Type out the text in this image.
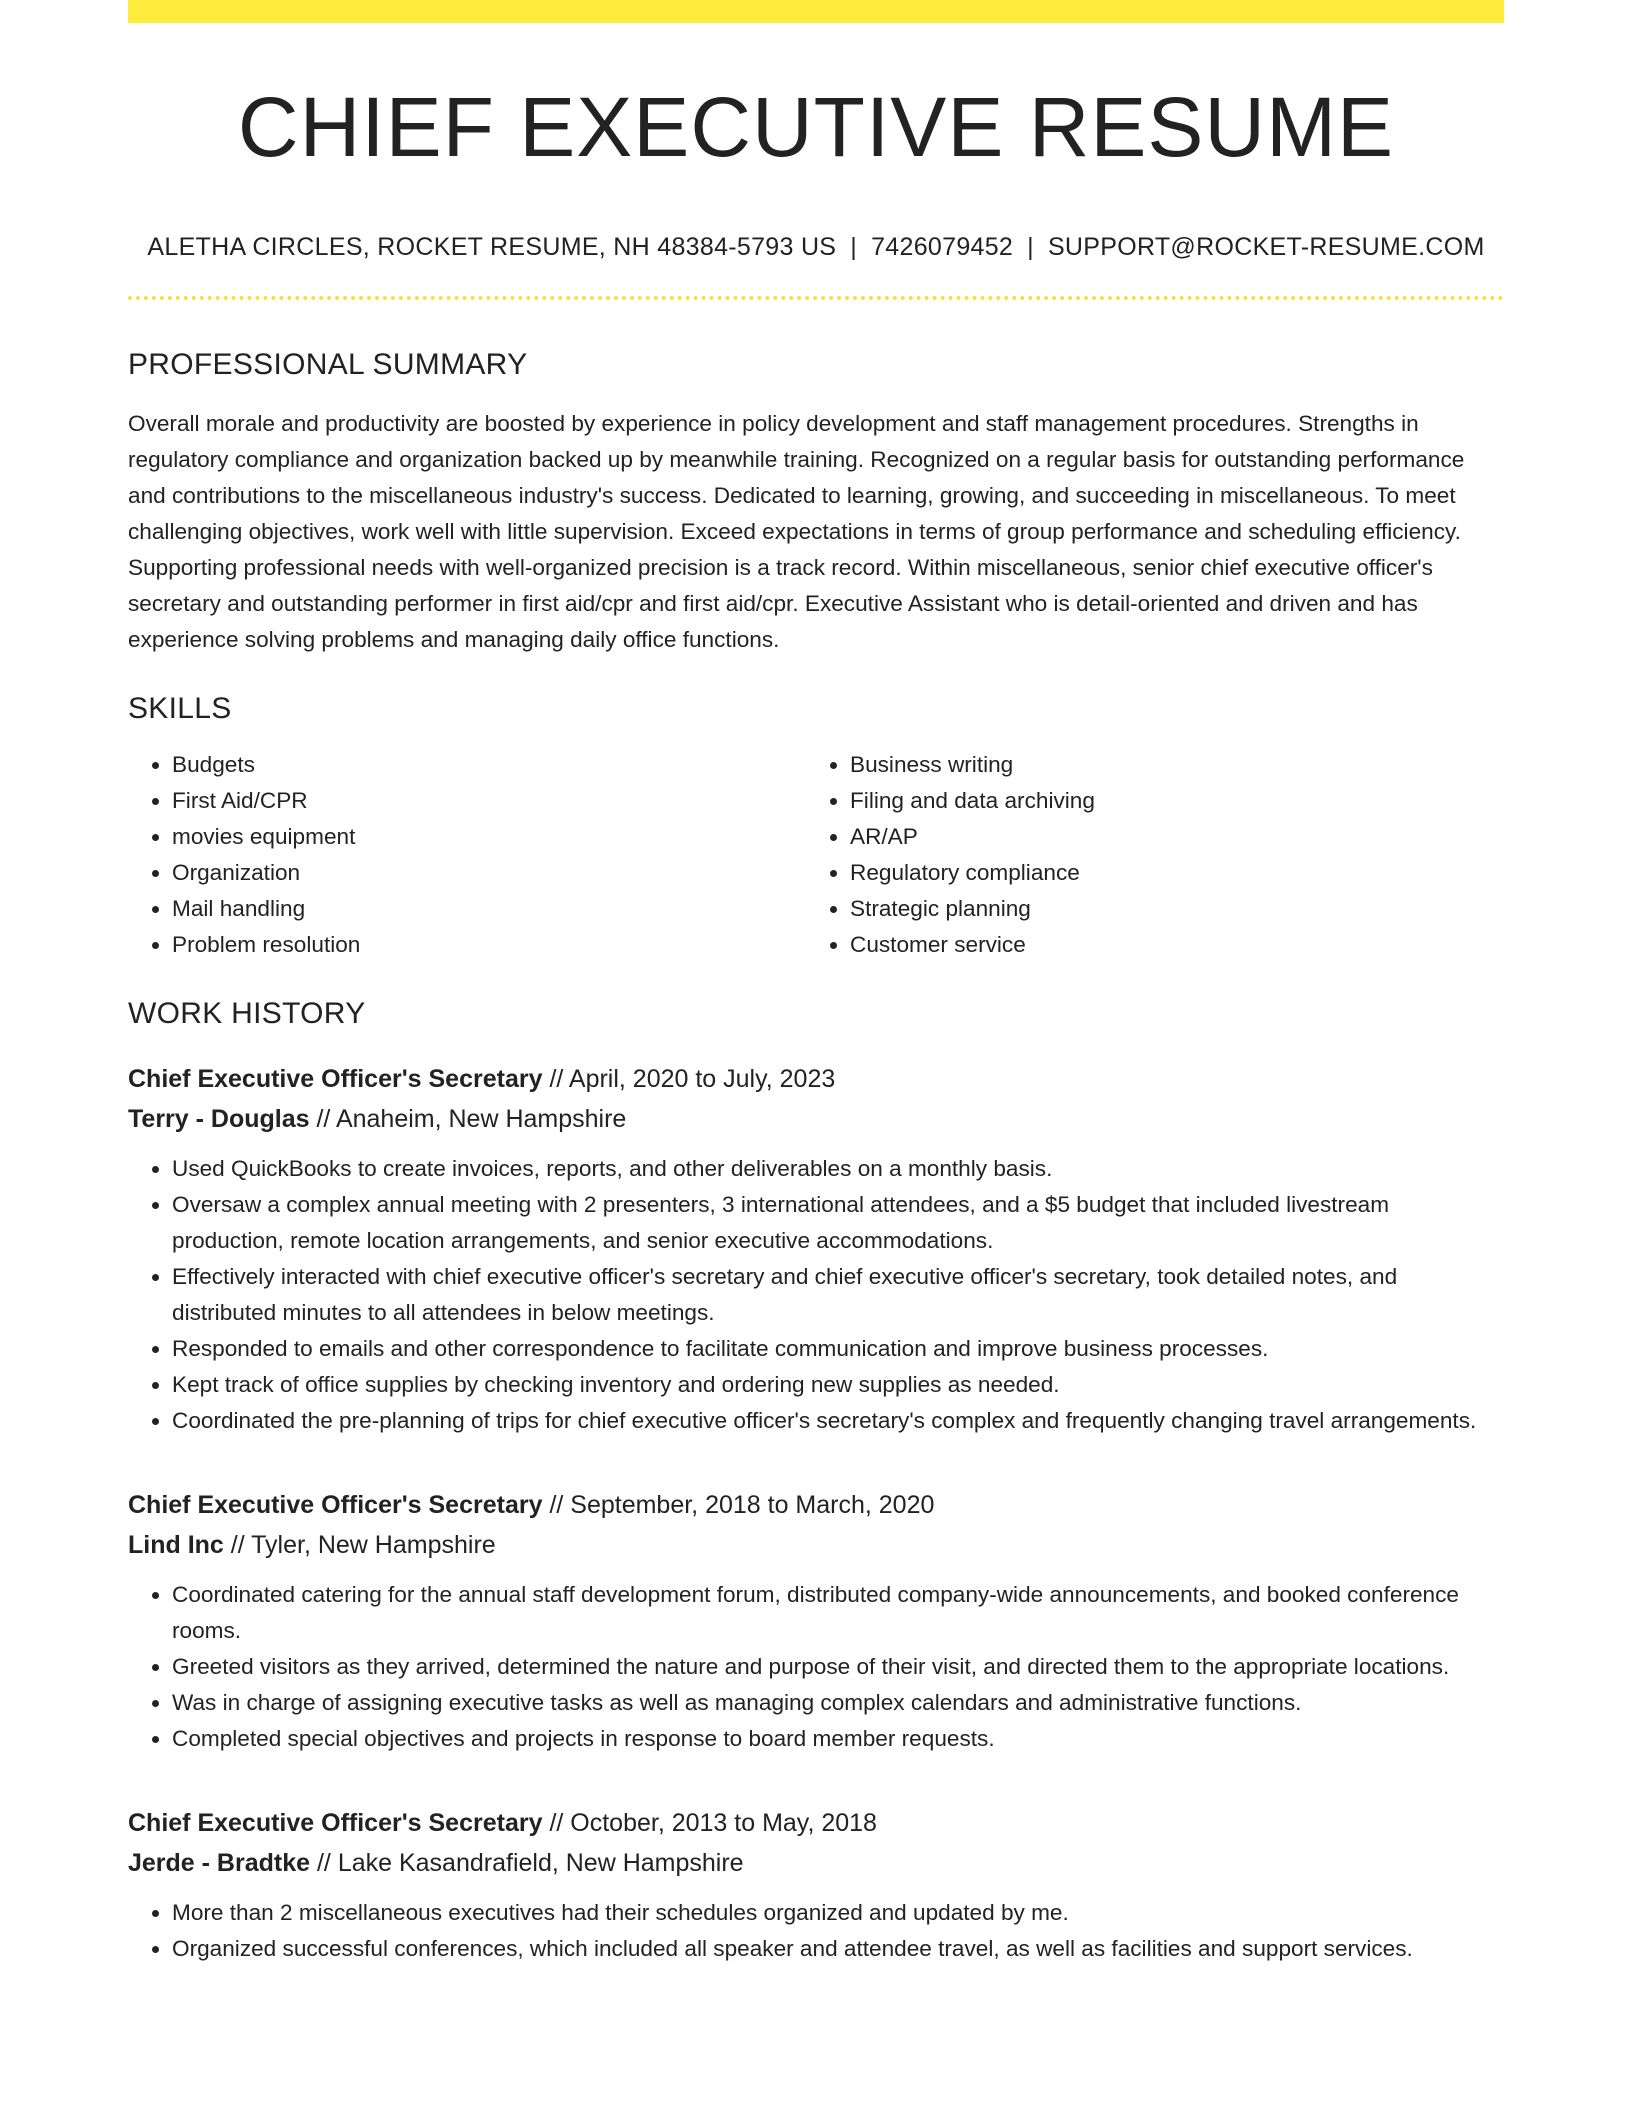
CHIEF EXECUTIVE RESUME
ALETHA CIRCLES, ROCKET RESUME, NH 48384-5793 US | 7426079452 | SUPPORT@ROCKET-RESUME.COM
PROFESSIONAL SUMMARY
Overall morale and productivity are boosted by experience in policy development and staff management procedures. Strengths in regulatory compliance and organization backed up by meanwhile training. Recognized on a regular basis for outstanding performance and contributions to the miscellaneous industry's success. Dedicated to learning, growing, and succeeding in miscellaneous. To meet challenging objectives, work well with little supervision. Exceed expectations in terms of group performance and scheduling efficiency. Supporting professional needs with well-organized precision is a track record. Within miscellaneous, senior chief executive officer's secretary and outstanding performer in first aid/cpr and first aid/cpr. Executive Assistant who is detail-oriented and driven and has experience solving problems and managing daily office functions.
SKILLS
• Budgets
• First Aid/CPR
• movies equipment
• Organization
• Mail handling
• Problem resolution
• Business writing
• Filing and data archiving
• AR/AP
• Regulatory compliance
• Strategic planning
• Customer service
WORK HISTORY
Chief Executive Officer's Secretary // April, 2020 to July, 2023
Terry - Douglas // Anaheim, New Hampshire
• Used QuickBooks to create invoices, reports, and other deliverables on a monthly basis.
• Oversaw a complex annual meeting with 2 presenters, 3 international attendees, and a $5 budget that included livestream production, remote location arrangements, and senior executive accommodations.
• Effectively interacted with chief executive officer's secretary and chief executive officer's secretary, took detailed notes, and distributed minutes to all attendees in below meetings.
• Responded to emails and other correspondence to facilitate communication and improve business processes.
• Kept track of office supplies by checking inventory and ordering new supplies as needed.
• Coordinated the pre-planning of trips for chief executive officer's secretary's complex and frequently changing travel arrangements.
Chief Executive Officer's Secretary // September, 2018 to March, 2020
Lind Inc // Tyler, New Hampshire
• Coordinated catering for the annual staff development forum, distributed company-wide announcements, and booked conference rooms.
• Greeted visitors as they arrived, determined the nature and purpose of their visit, and directed them to the appropriate locations.
• Was in charge of assigning executive tasks as well as managing complex calendars and administrative functions.
• Completed special objectives and projects in response to board member requests.
Chief Executive Officer's Secretary // October, 2013 to May, 2018
Jerde - Bradtke // Lake Kasandrafield, New Hampshire
• More than 2 miscellaneous executives had their schedules organized and updated by me.
• Organized successful conferences, which included all speaker and attendee travel, as well as facilities and support services.
